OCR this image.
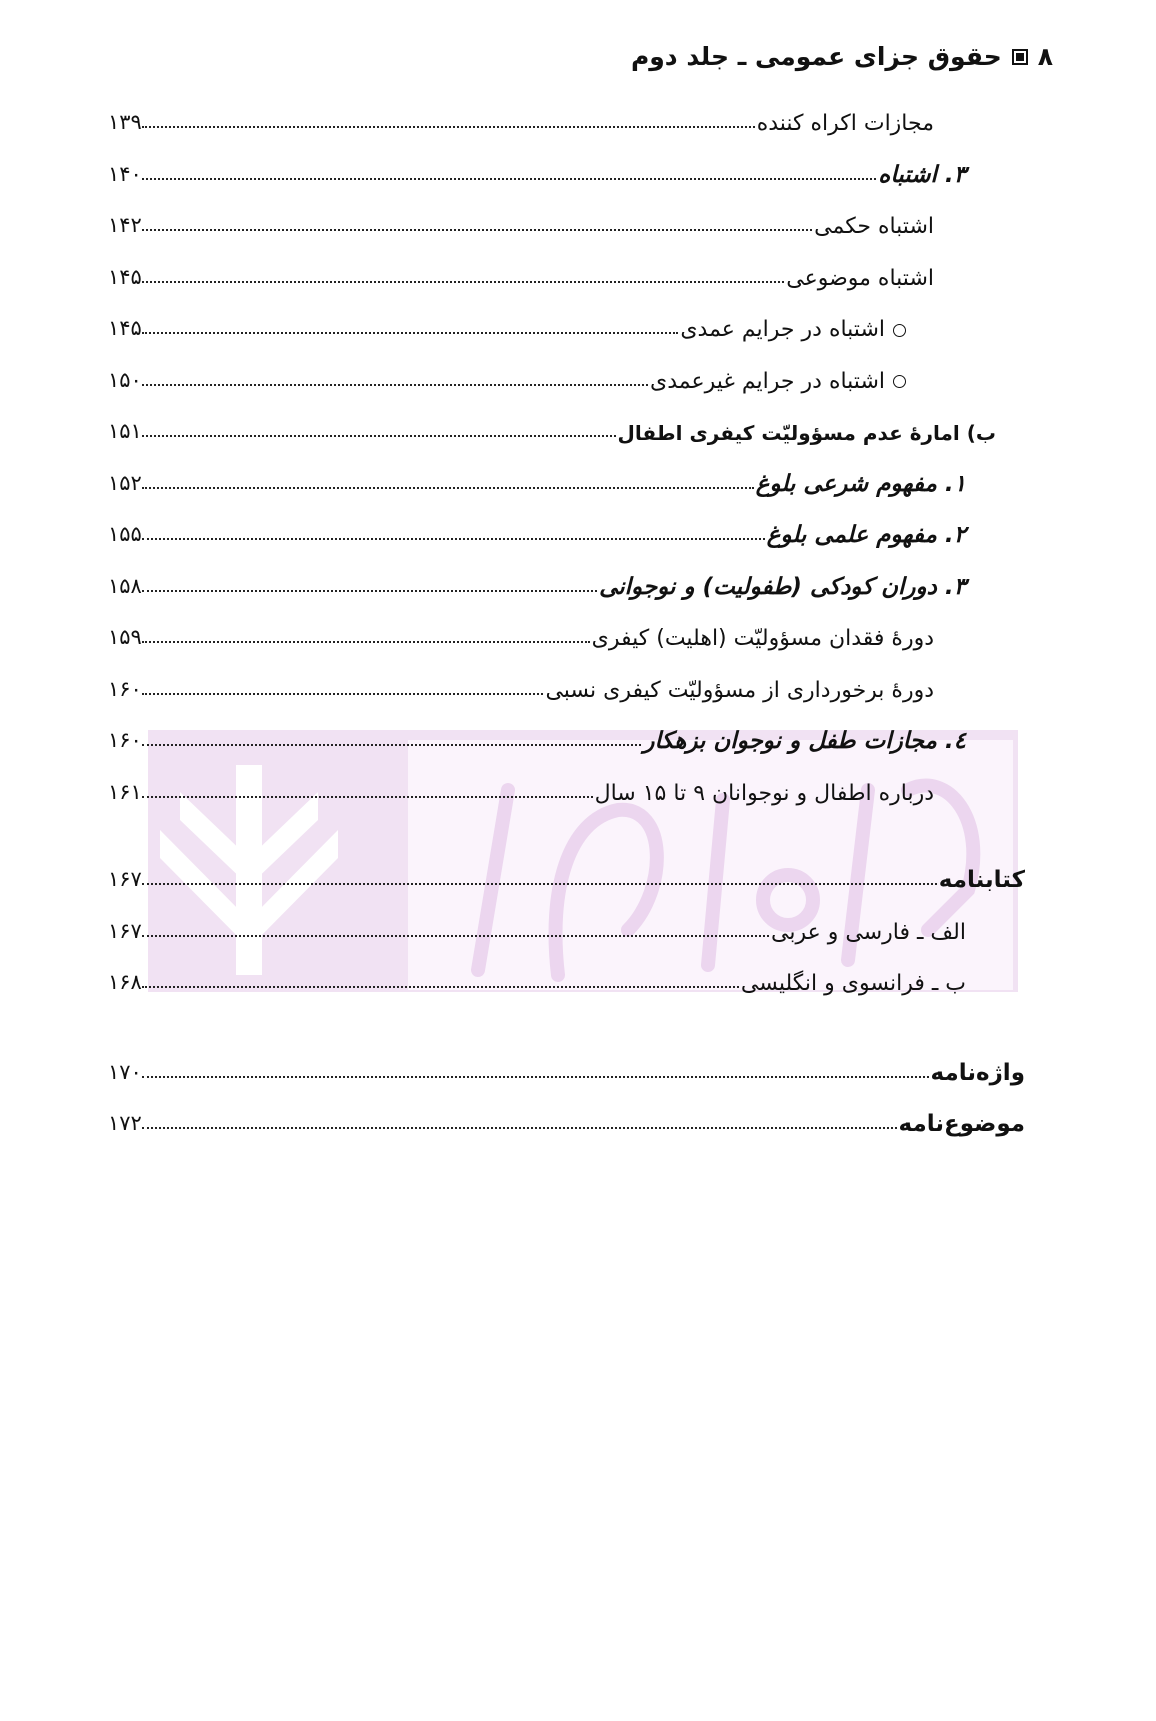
۸
حقوق جزای عمومی ـ جلد دوم
۱۳۹	مجازات اکراه کننده
۱۴۰	۳. اشتباه
۱۴۲	اشتباه حکمی
۱۴۵	اشتباه موضوعی
۱۴۵	اشتباه در جرایم عمدی
۱۵۰	اشتباه در جرایم غیرعمدی
۱۵۱	ب) امارهٔ عدم مسؤولیّت کیفری اطفال
۱۵۲	۱. مفهوم شرعی بلوغ
۱۵۵	۲. مفهوم علمی بلوغ
۱۵۸	۳. دوران کودکی (طفولیت) و نوجوانی
۱۵۹	دورهٔ فقدان مسؤولیّت (اهلیت) کیفری
۱۶۰	دورهٔ برخورداری از مسؤولیّت کیفری نسبی
۱۶۰	٤. مجازات طفل و نوجوان بزهکار
۱۶۱	درباره اطفال و نوجوانان ۹ تا ۱۵ سال
۱۶۷	کتابنامه
۱۶۷	الف ـ فارسی و عربی
۱۶۸	ب ـ فرانسوی و انگلیسی
۱۷۰	واژه‌نامه
۱۷۲	موضوع‌نامه
